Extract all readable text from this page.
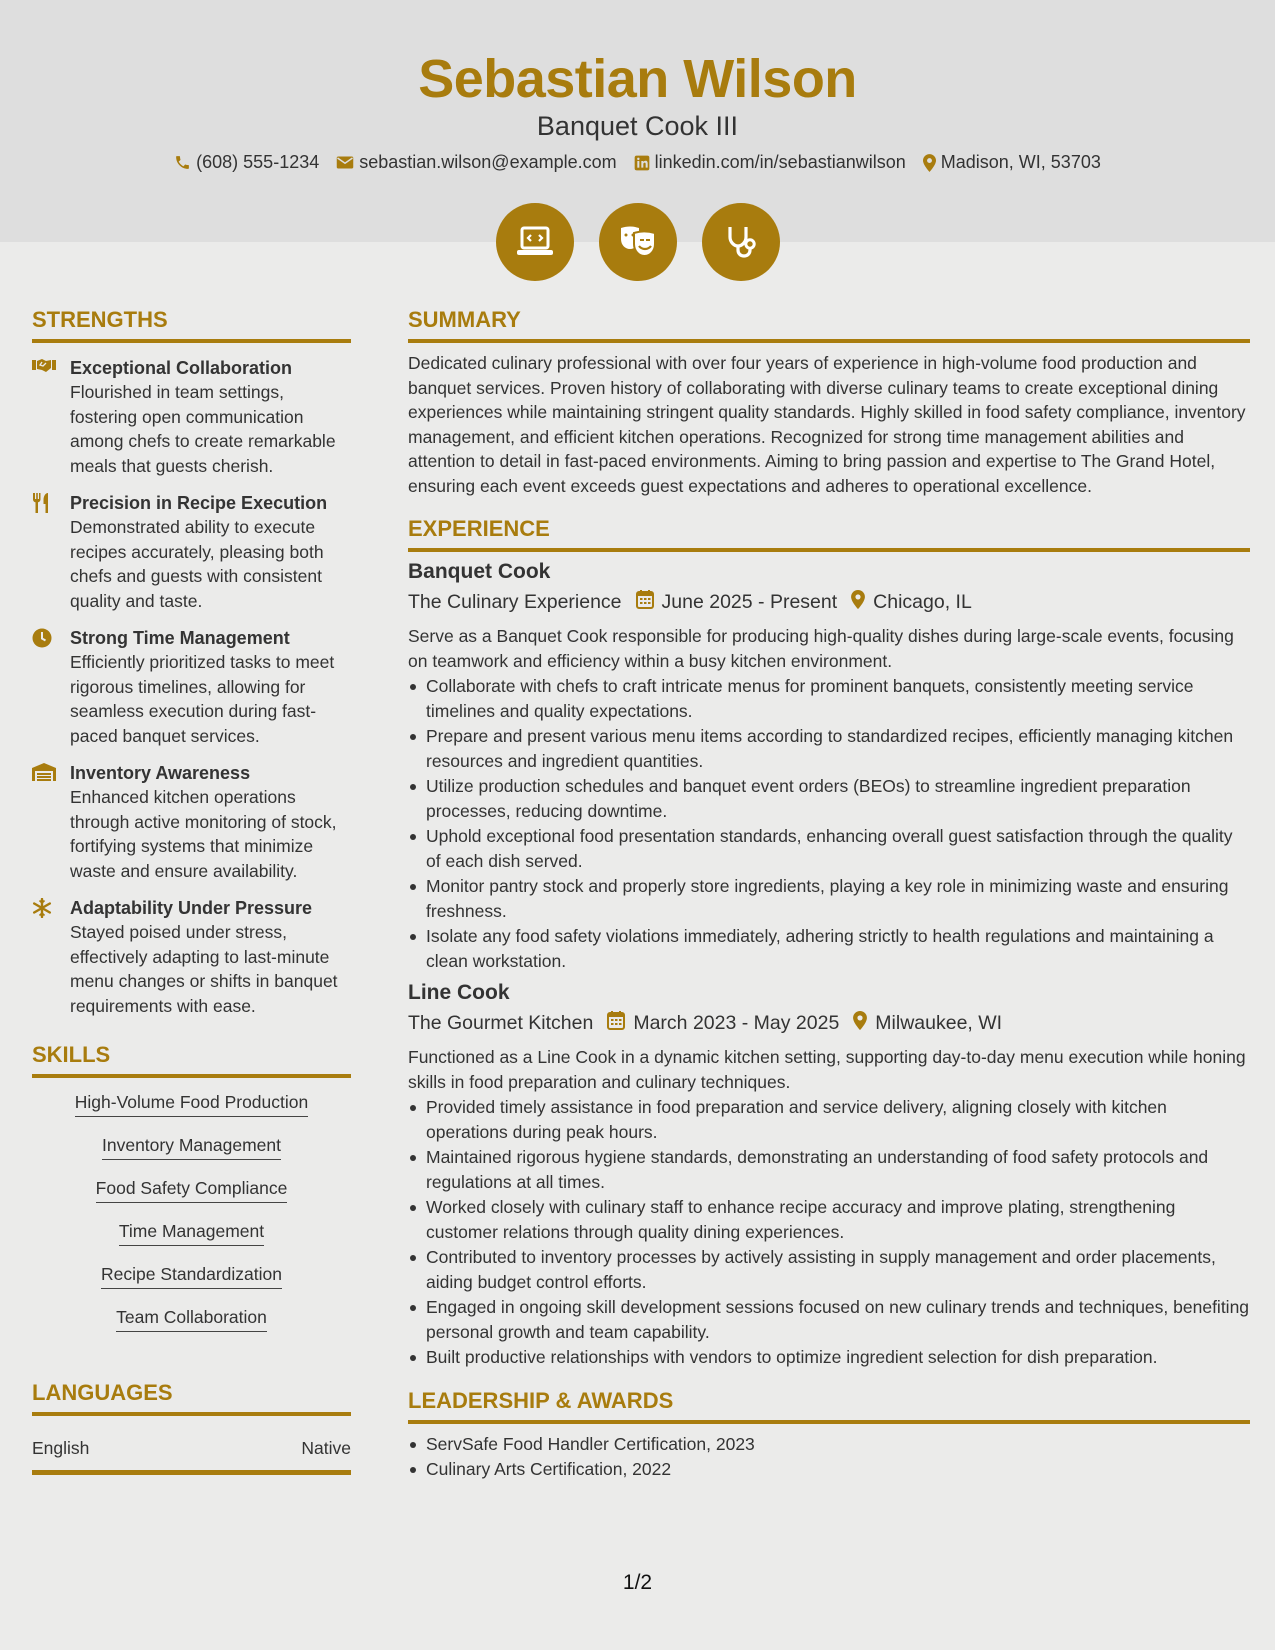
Sebastian Wilson
Banquet Cook III
(608) 555-1234 sebastian.wilson@example.com linkedin.com/in/sebastianwilson Madison, WI, 53703
STRENGTHS
Exceptional Collaboration
Flourished in team settings, fostering open communication among chefs to create remarkable meals that guests cherish.
Precision in Recipe Execution
Demonstrated ability to execute recipes accurately, pleasing both chefs and guests with consistent quality and taste.
Strong Time Management
Efficiently prioritized tasks to meet rigorous timelines, allowing for seamless execution during fast-paced banquet services.
Inventory Awareness
Enhanced kitchen operations through active monitoring of stock, fortifying systems that minimize waste and ensure availability.
Adaptability Under Pressure
Stayed poised under stress, effectively adapting to last-minute menu changes or shifts in banquet requirements with ease.
SKILLS
High-Volume Food Production
Inventory Management
Food Safety Compliance
Time Management
Recipe Standardization
Team Collaboration
LANGUAGES
English	Native
SUMMARY
Dedicated culinary professional with over four years of experience in high-volume food production and banquet services. Proven history of collaborating with diverse culinary teams to create exceptional dining experiences while maintaining stringent quality standards. Highly skilled in food safety compliance, inventory management, and efficient kitchen operations. Recognized for strong time management abilities and attention to detail in fast-paced environments. Aiming to bring passion and expertise to The Grand Hotel, ensuring each event exceeds guest expectations and adheres to operational excellence.
EXPERIENCE
Banquet Cook
The Culinary Experience June 2025 - Present Chicago, IL
Serve as a Banquet Cook responsible for producing high-quality dishes during large-scale events, focusing on teamwork and efficiency within a busy kitchen environment.
Collaborate with chefs to craft intricate menus for prominent banquets, consistently meeting service timelines and quality expectations.
Prepare and present various menu items according to standardized recipes, efficiently managing kitchen resources and ingredient quantities.
Utilize production schedules and banquet event orders (BEOs) to streamline ingredient preparation processes, reducing downtime.
Uphold exceptional food presentation standards, enhancing overall guest satisfaction through the quality of each dish served.
Monitor pantry stock and properly store ingredients, playing a key role in minimizing waste and ensuring freshness.
Isolate any food safety violations immediately, adhering strictly to health regulations and maintaining a clean workstation.
Line Cook
The Gourmet Kitchen March 2023 - May 2025 Milwaukee, WI
Functioned as a Line Cook in a dynamic kitchen setting, supporting day-to-day menu execution while honing skills in food preparation and culinary techniques.
Provided timely assistance in food preparation and service delivery, aligning closely with kitchen operations during peak hours.
Maintained rigorous hygiene standards, demonstrating an understanding of food safety protocols and regulations at all times.
Worked closely with culinary staff to enhance recipe accuracy and improve plating, strengthening customer relations through quality dining experiences.
Contributed to inventory processes by actively assisting in supply management and order placements, aiding budget control efforts.
Engaged in ongoing skill development sessions focused on new culinary trends and techniques, benefiting personal growth and team capability.
Built productive relationships with vendors to optimize ingredient selection for dish preparation.
LEADERSHIP & AWARDS
ServSafe Food Handler Certification, 2023
Culinary Arts Certification, 2022
1/2
